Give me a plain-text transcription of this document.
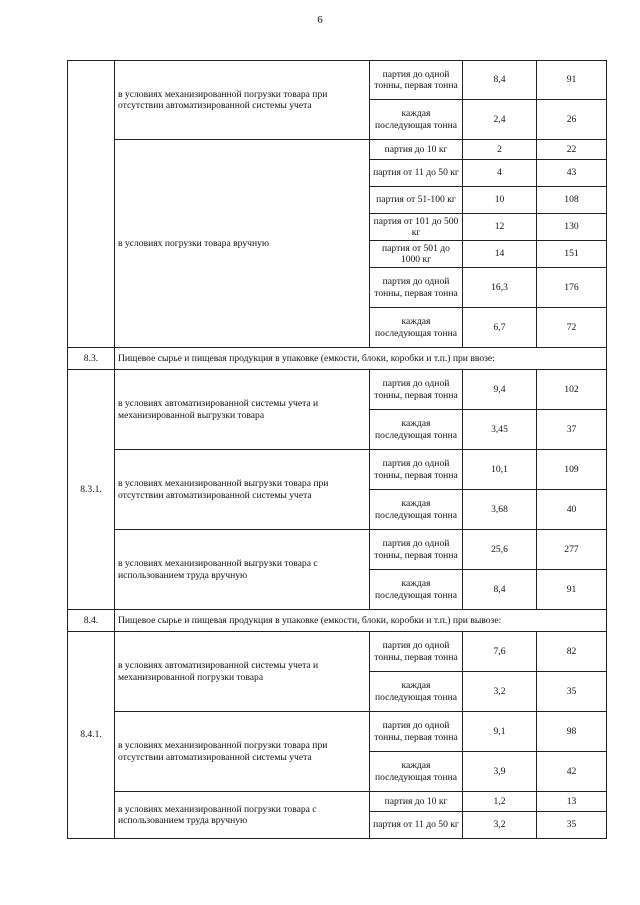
6
	в условиях механизированной погрузки товара при отсутствии автоматизированной системы учета	партия до одной тонны, первая тонна	8,4	91
		каждая последующая тонна	2,4	26
	в условиях погрузки товара вручную	партия до 10 кг	2	22
		партия от 11 до 50 кг	4	43
		партия от 51-100 кг	10	108
		партия от 101 до 500 кг	12	130
		партия от 501 до 1000 кг	14	151
		партия до одной тонны, первая тонна	16,3	176
		каждая последующая тонна	6,7	72
8.3.	Пищевое сырье и пищевая продукция в упаковке (емкости, блоки, коробки и т.п.) при ввозе:			
8.3.1.	в условиях автоматизированной системы учета и механизированной выгрузки товара	партия до одной тонны, первая тонна	9,4	102
		каждая последующая тонна	3,45	37
	в условиях механизированной выгрузки товара при отсутствии автоматизированной системы учета	партия до одной тонны, первая тонна	10,1	109
		каждая последующая тонна	3,68	40
	в условиях механизированной выгрузки товара с использованием труда вручную	партия до одной тонны, первая тонна	25,6	277
		каждая последующая тонна	8,4	91
8.4.	Пищевое сырье и пищевая продукция в упаковке (емкости, блоки, коробки и т.п.) при вывозе:			
8.4.1.	в условиях автоматизированной системы учета и механизированной погрузки товара	партия до одной тонны, первая тонна	7,6	82
		каждая последующая тонна	3,2	35
	в условиях механизированной погрузки товара при отсутствии автоматизированной системы учета	партия до одной тонны, первая тонна	9,1	98
		каждая последующая тонна	3,9	42
	в условиях механизированной погрузки товара с использованием труда вручную	партия до 10 кг	1,2	13
		партия от 11 до 50 кг	3,2	35
